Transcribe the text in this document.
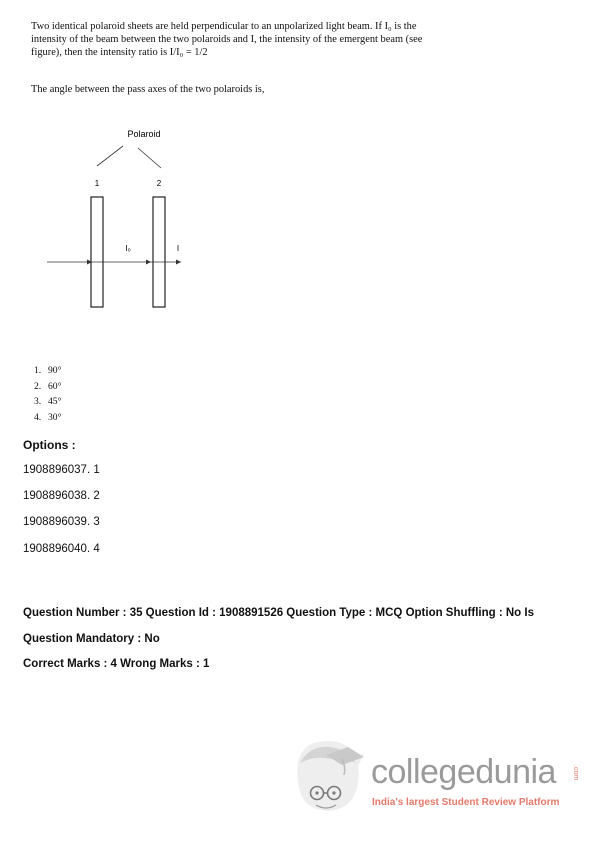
Two identical polaroid sheets are held perpendicular to an unpolarized light beam. If I₀ is the

intensity of the beam between the two polaroids and I, the intensity of the emergent beam (see

figure), then the intensity ratio is I/I₀ = 1/2

The angle between the pass axes of the two polaroids is,
Polaroid
1	2
I₀	I
1. 90°
2. 60°
3. 45°
4. 30°
Options :
1908896037. 1
1908896038. 2
1908896039. 3
1908896040. 4
Question Number : 35 Question Id : 1908891526 Question Type : MCQ Option Shuffling : No Is
Question Mandatory : No
Correct Marks : 4 Wrong Marks : 1
collegedunia .com
India's largest Student Review Platform
